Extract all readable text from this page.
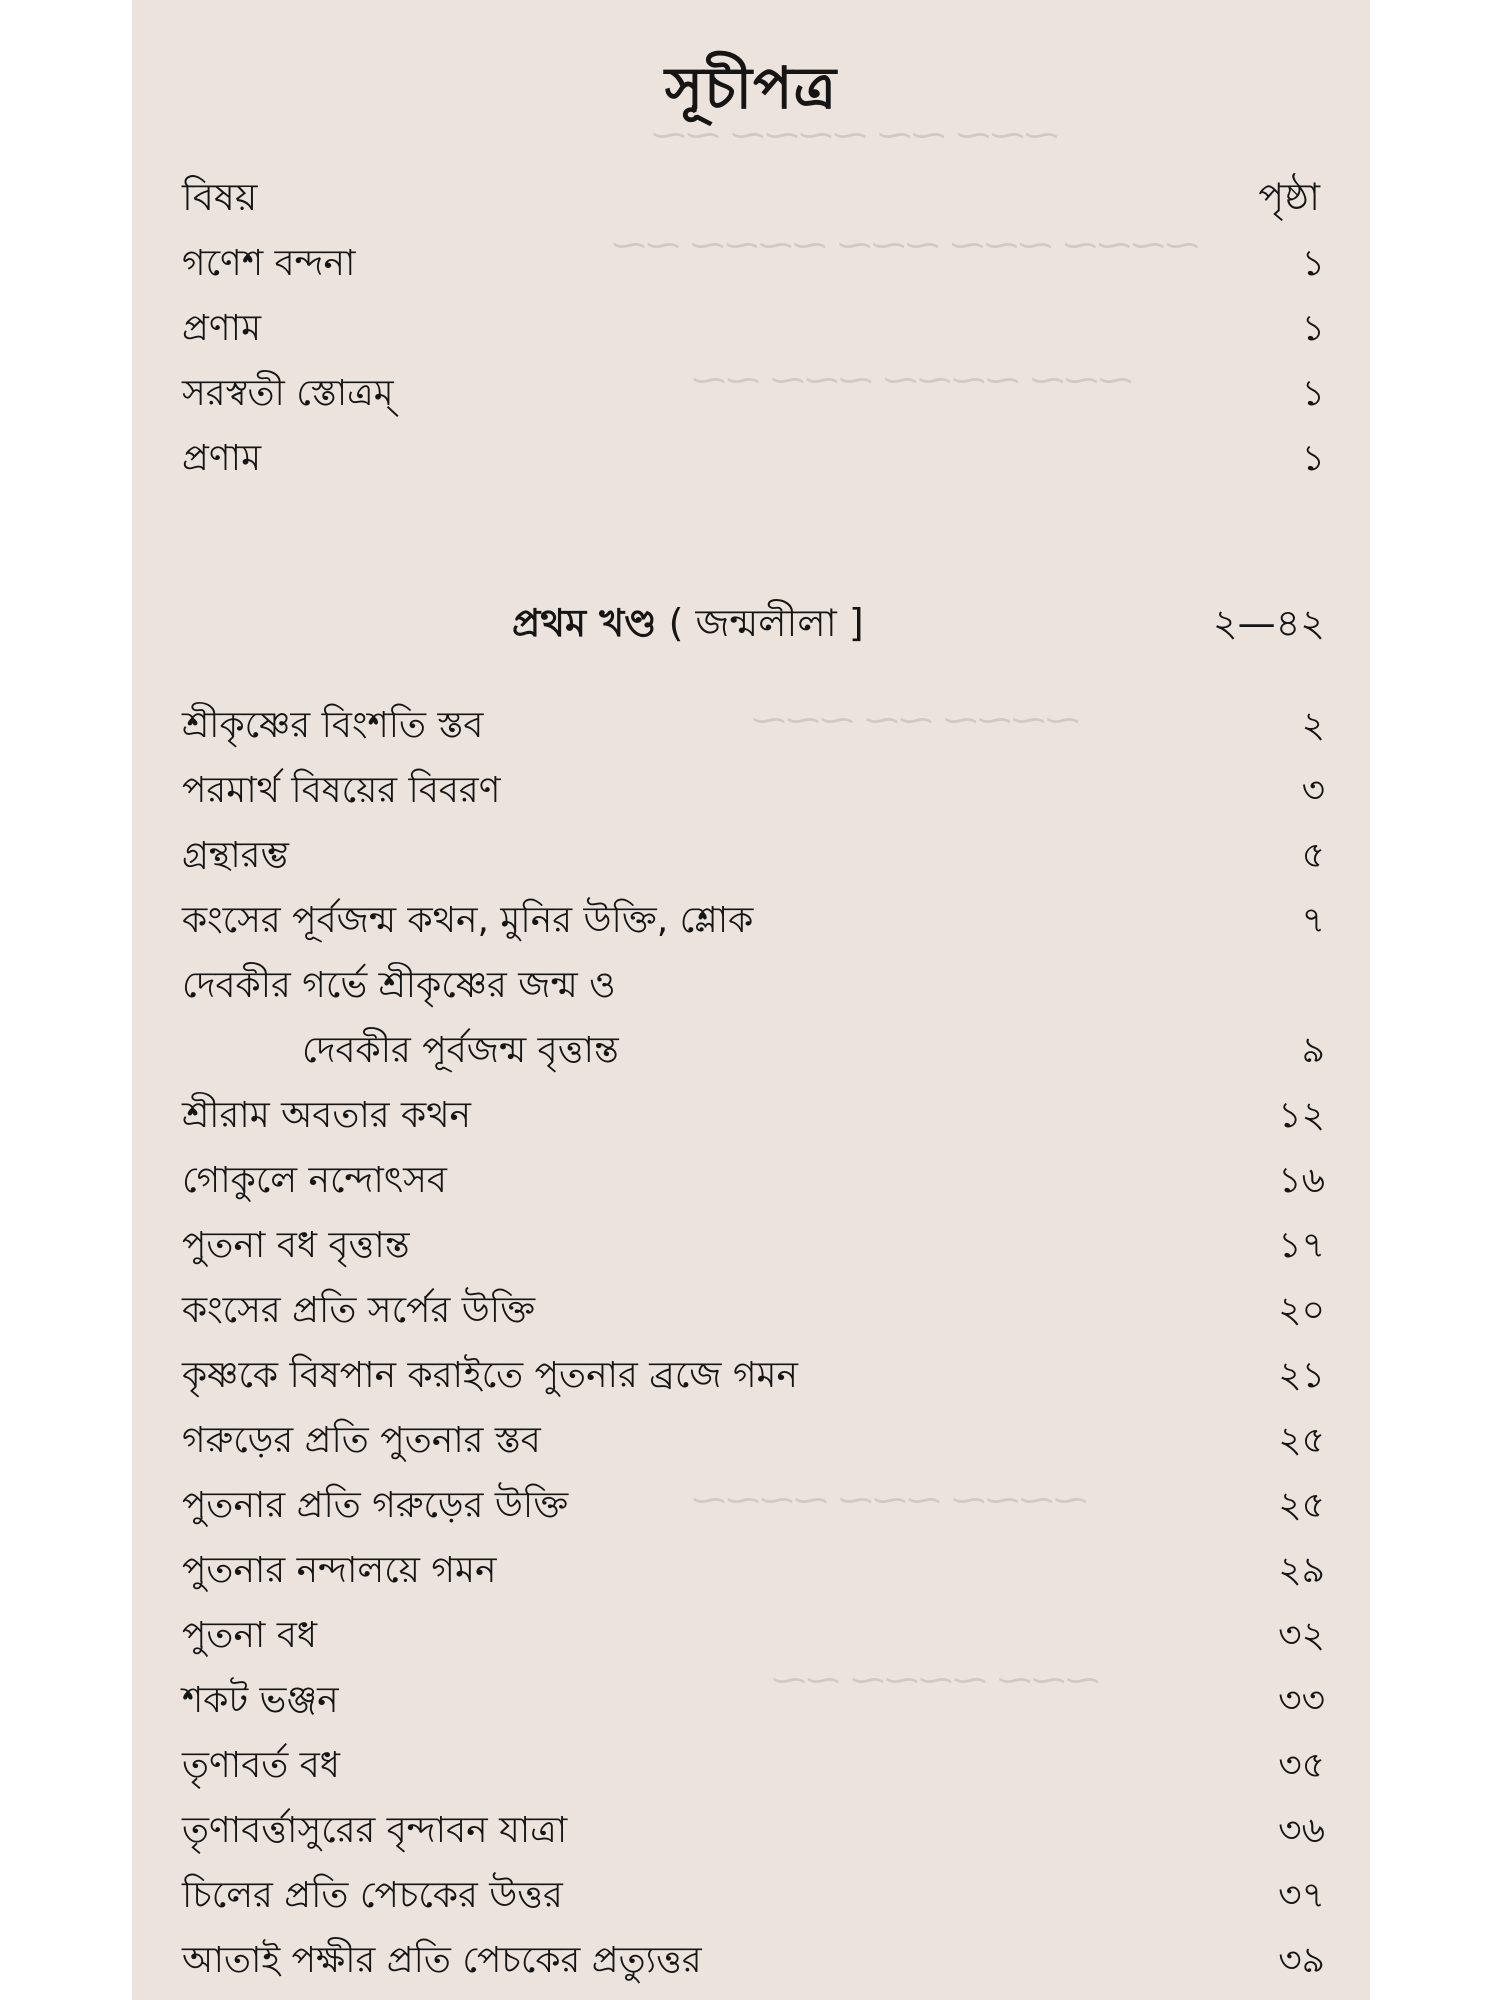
⁓⁓⁓ ⁓⁓ ⁓⁓⁓⁓ ⁓⁓
⁓⁓⁓⁓ ⁓⁓⁓ ⁓⁓⁓ ⁓⁓⁓⁓ ⁓⁓
⁓⁓⁓ ⁓⁓⁓⁓ ⁓⁓⁓ ⁓⁓
⁓⁓⁓⁓ ⁓⁓ ⁓⁓⁓
⁓⁓⁓⁓ ⁓⁓⁓ ⁓⁓⁓⁓
⁓⁓⁓ ⁓⁓⁓⁓ ⁓⁓
সূচীপত্র
বিষয়	পৃষ্ঠা
গণেশ বন্দনা	১
প্রণাম	১
সরস্বতী স্তোত্রম্	১
প্রণাম	১
প্রথম খণ্ড ( জন্মলীলা ]	২—৪২
শ্রীকৃষ্ণের বিংশতি স্তব	২
পরমার্থ বিষয়ের বিবরণ	৩
গ্রন্থারম্ভ	৫
কংসের পূর্বজন্ম কথন, মুনির উক্তি, শ্লোক	৭
দেবকীর গর্ভে শ্রীকৃষ্ণের জন্ম ও
দেবকীর পূর্বজন্ম বৃত্তান্ত	৯
শ্রীরাম অবতার কথন	১২
গোকুলে নন্দোৎসব	১৬
পুতনা বধ বৃত্তান্ত	১৭
কংসের প্রতি সর্পের উক্তি	২০
কৃষ্ণকে বিষপান করাইতে পুতনার ব্রজে গমন	২১
গরুড়ের প্রতি পুতনার স্তব	২৫
পুতনার প্রতি গরুড়ের উক্তি	২৫
পুতনার নন্দালয়ে গমন	২৯
পুতনা বধ	৩২
শকট ভঞ্জন	৩৩
তৃণাবর্ত বধ	৩৫
তৃণাবর্ত্তাসুরের বৃন্দাবন যাত্রা	৩৬
চিলের প্রতি পেচকের উত্তর	৩৭
আতাই পক্ষীর প্রতি পেচকের প্রত্যুত্তর	৩৯
